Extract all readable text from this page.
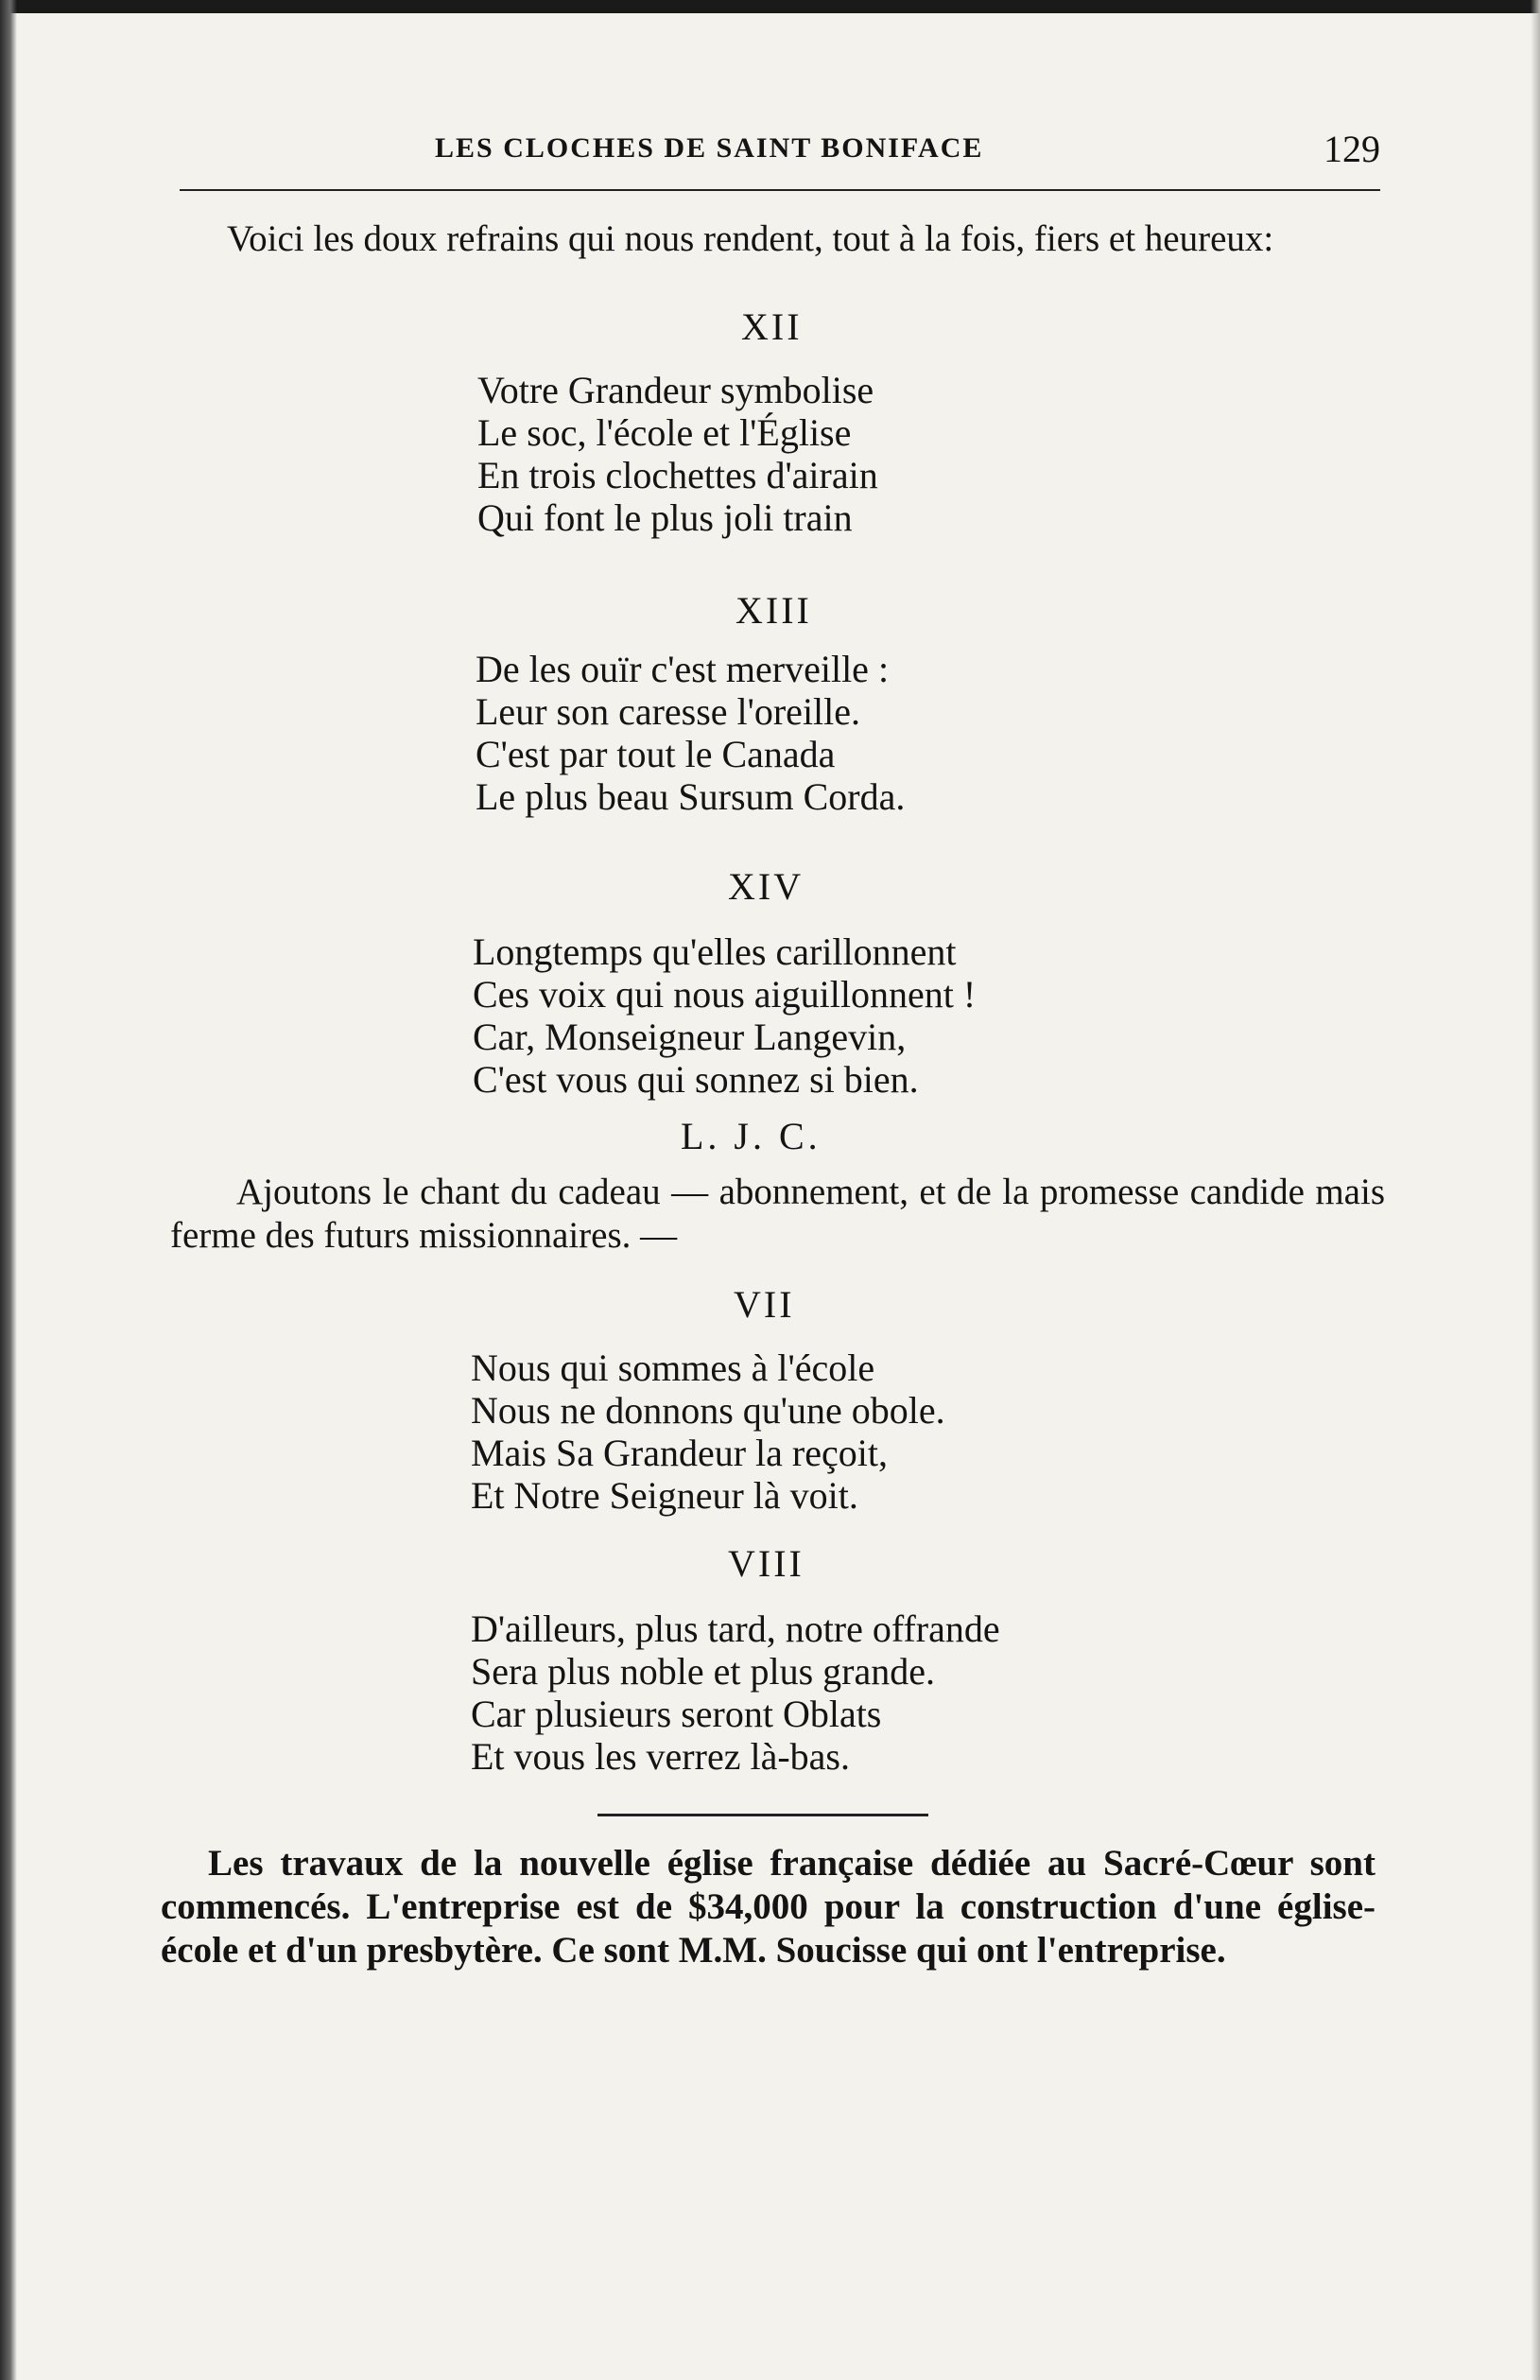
LES CLOCHES DE SAINT BONIFACE	129
Voici les doux refrains qui nous rendent, tout à la fois, fiers et heureux:
XII
Votre Grandeur symbolise
Le soc, l'école et l'Église
En trois clochettes d'airain
Qui font le plus joli train
XIII
De les ouïr c'est merveille :
Leur son caresse l'oreille.
C'est par tout le Canada
Le plus beau Sursum Corda.
XIV
Longtemps qu'elles carillonnent
Ces voix qui nous aiguillonnent !
Car, Monseigneur Langevin,
C'est vous qui sonnez si bien.
L. J. C.
Ajoutons le chant du cadeau — abonnement, et de la promesse candide mais ferme des futurs missionnaires. —
VII
Nous qui sommes à l'école
Nous ne donnons qu'une obole.
Mais Sa Grandeur la reçoit,
Et Notre Seigneur là voit.
VIII
D'ailleurs, plus tard, notre offrande
Sera plus noble et plus grande.
Car plusieurs seront Oblats
Et vous les verrez là-bas.
Les travaux de la nouvelle église française dédiée au Sacré-Cœur sont commencés. L'entreprise est de $34,000 pour la construction d'une église-école et d'un presbytère. Ce sont M.M. Soucisse qui ont l'entreprise.
